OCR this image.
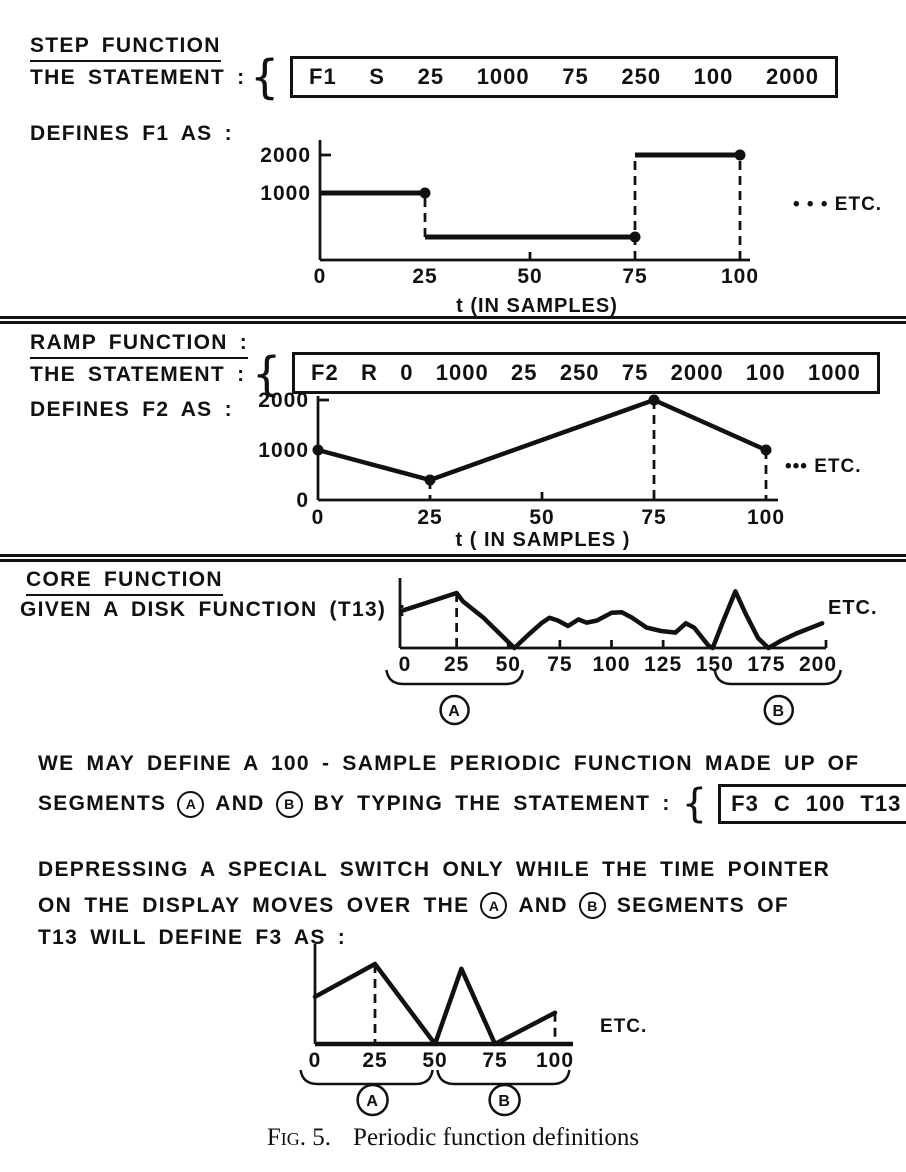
STEP FUNCTION
THE STATEMENT : { F1 S 25 1000 75 250 100 2000
DEFINES F1 AS :
0	25	50	75	100
1000
2000
t (IN SAMPLES)
• • • ETC.
RAMP FUNCTION :
THE STATEMENT : { F2 R 0 1000 25 250 75 2000 100 1000
DEFINES F2 AS :
0	25	50	75	100
0
1000
2000
t ( IN SAMPLES )
••• ETC.
CORE FUNCTION
GIVEN A DISK FUNCTION (T13) :
0 25 50 75 100 125 150 175 200
ETC.
A	B
WE MAY DEFINE A 100 - SAMPLE PERIODIC FUNCTION MADE UP OF
SEGMENTS	A AND	B BY TYPING THE STATEMENT : { F3 C 100 T13
DEPRESSING A SPECIAL SWITCH ONLY WHILE THE TIME POINTER
ON THE DISPLAY MOVES OVER THE	A AND	B SEGMENTS OF
T13 WILL DEFINE F3 AS :
0 25 50 75 100
ETC.
A	B
Fig. 5. Periodic function definitions
